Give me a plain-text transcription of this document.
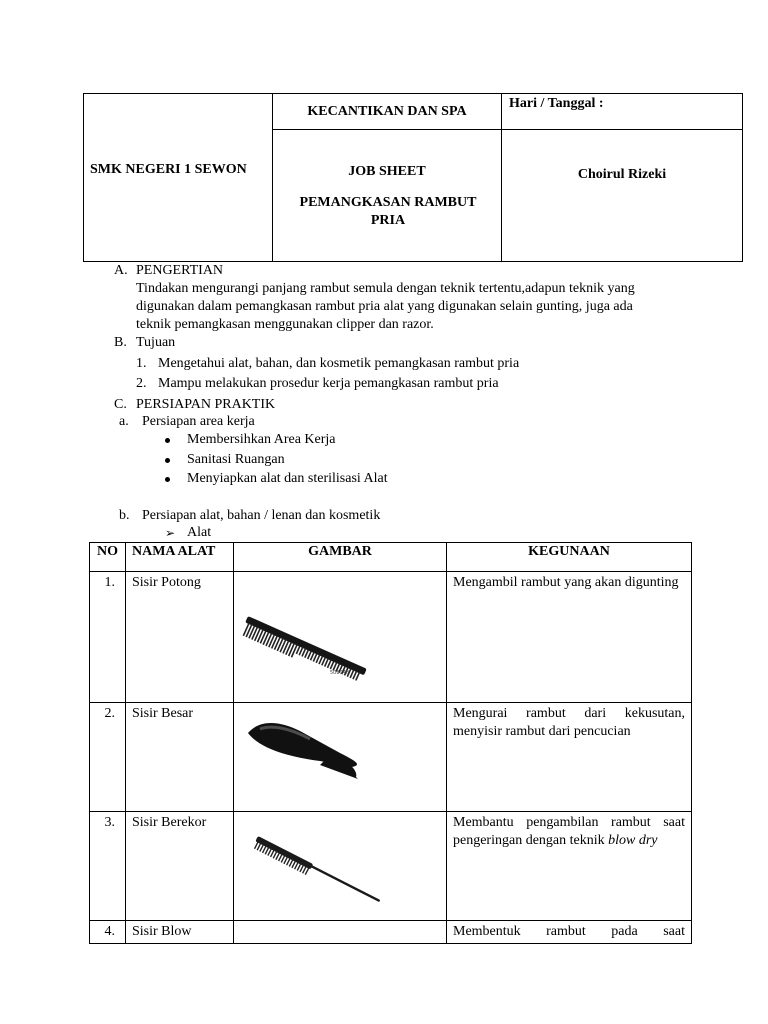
SMK NEGERI 1 SEWON
KECANTIKAN DAN SPA
Hari / Tanggal :
JOB SHEET
PEMANGKASAN RAMBUT PRIA
Choirul Rizeki
A. PENGERTIAN
Tindakan mengurangi panjang rambut semula dengan teknik tertentu,adapun teknik yang
digunakan dalam pemangkasan rambut pria alat yang digunakan selain gunting, juga ada
teknik pemangkasan menggunakan clipper dan razor.
B. Tujuan
1. Mengetahui alat, bahan, dan kosmetik pemangkasan rambut pria
2. Mampu melakukan prosedur kerja pemangkasan rambut pria
C. PERSIAPAN PRAKTIK
a. Persiapan area kerja
Membersihkan Area Kerja
Sanitasi Ruangan
Menyiapkan alat dan sterilisasi Alat
b. Persiapan alat, bahan / lenan dan kosmetik
➢ Alat
NO	NAMA ALAT	GAMBAR	KEGUNAAN
1.	Sisir Potong	508948	Mengambil rambut yang akan digunting
2.	Sisir Besar		Mengurai rambut dari kekusutan, menyisir rambut dari pencucian
3.	Sisir Berekor		Membantu pengambilan rambut saat pengeringan dengan teknik blow dry
4.	Sisir Blow		Membentuk rambut pada saat
